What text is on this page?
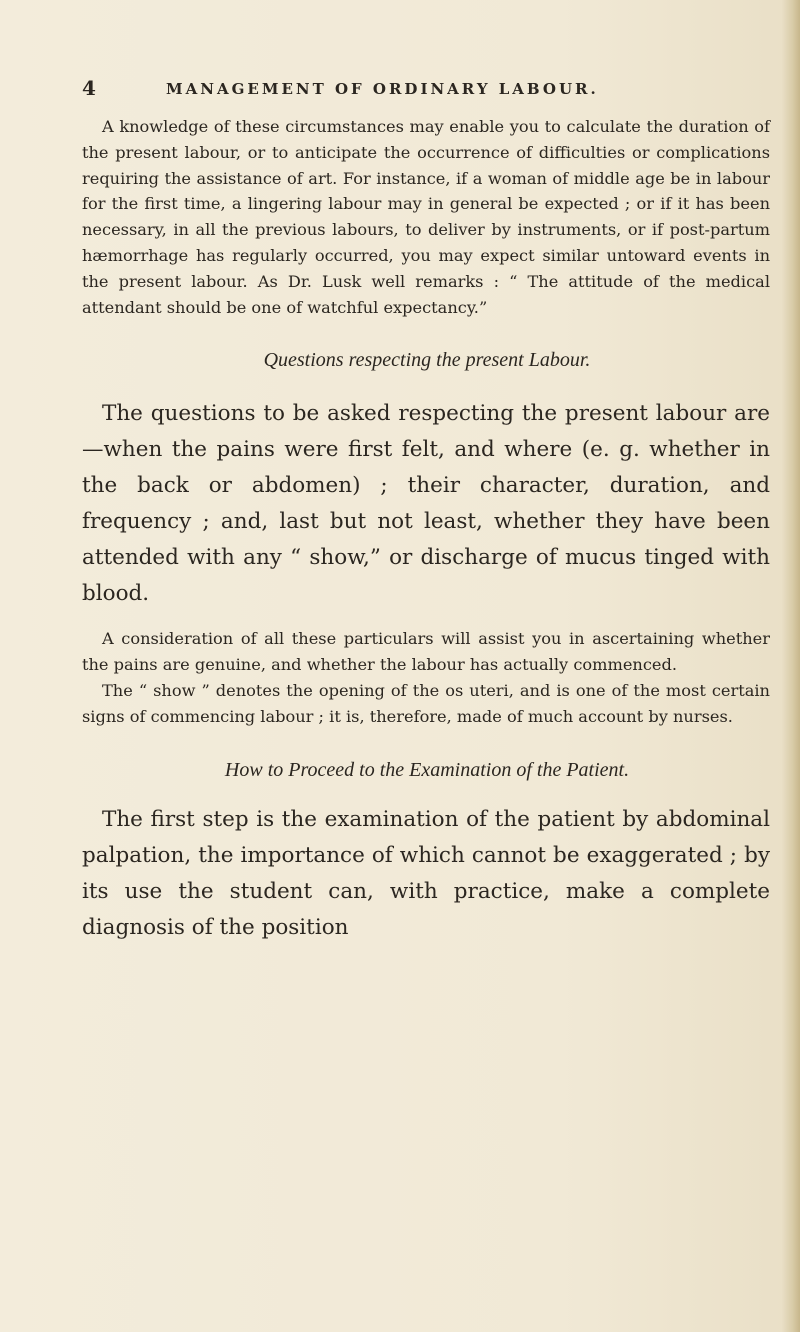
4	MANAGEMENT OF ORDINARY LABOUR.

A knowledge of these circumstances may enable you to calculate the duration of the present labour, or to anticipate the occurrence of difficulties or complications requiring the assistance of art. For instance, if a woman of middle age be in labour for the first time, a lingering labour may in general be expected ; or if it has been necessary, in all the previous labours, to deliver by instruments, or if post-partum hæmorrhage has regularly occurred, you may expect similar untoward events in the present labour. As Dr. Lusk well remarks : “ The attitude of the medical attendant should be one of watchful expectancy.”

Questions respecting the present Labour.

The questions to be asked respecting the present labour are—when the pains were first felt, and where (e. g. whether in the back or abdomen) ; their character, duration, and frequency ; and, last but not least, whether they have been attended with any “ show,” or discharge of mucus tinged with blood.

A consideration of all these particulars will assist you in ascertaining whether the pains are genuine, and whether the labour has actually commenced.

The “ show ” denotes the opening of the os uteri, and is one of the most certain signs of commencing labour ; it is, therefore, made of much account by nurses.

How to Proceed to the Examination of the Patient.

The first step is the examination of the patient by abdominal palpation, the importance of which cannot be exaggerated ; by its use the student can, with practice, make a complete diagnosis of the position
